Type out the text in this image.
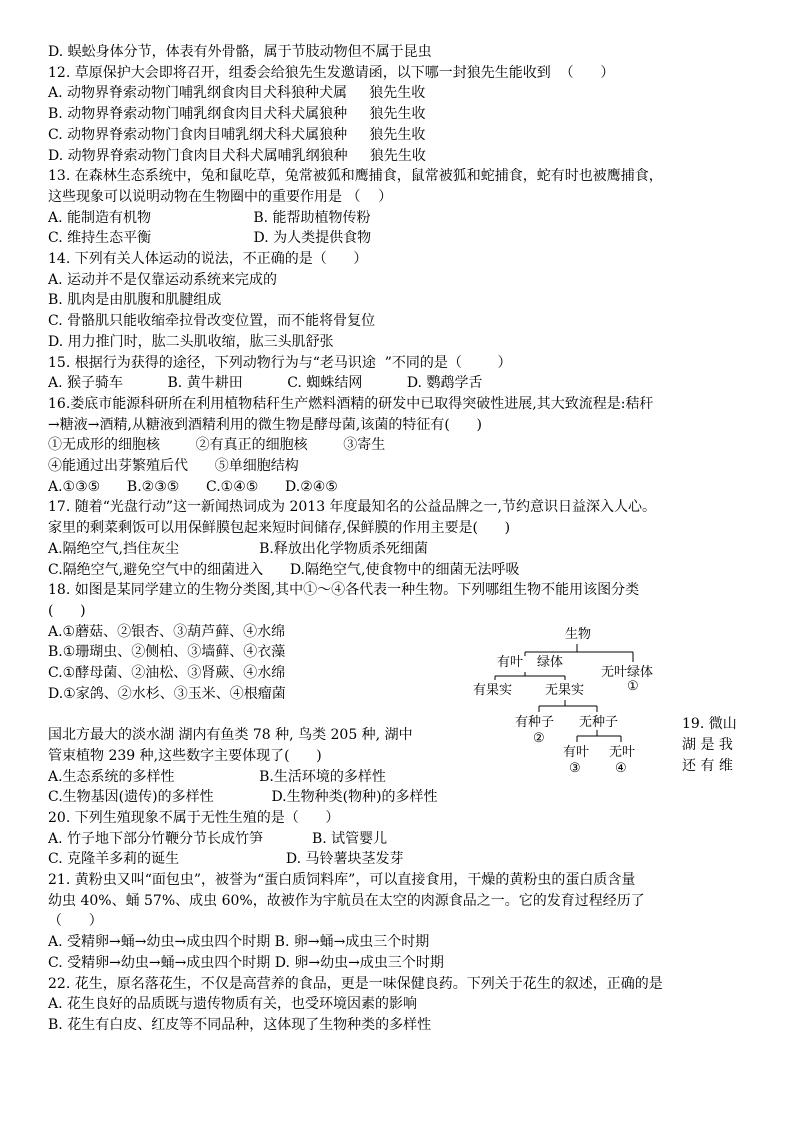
D. 蜈蚣身体分节，体表有外骨骼，属于节肢动物但不属于昆虫
12. 草原保护大会即将召开，组委会给狼先生发邀请函，以下哪一封狼先生能收到  （      ）
A. 动物界脊索动物门哺乳纲食肉目犬科狼种犬属     狼先生收
B. 动物界脊索动物门哺乳纲食肉目犬科犬属狼种     狼先生收
C. 动物界脊索动物门食肉目哺乳纲犬科犬属狼种     狼先生收
D. 动物界脊索动物门食肉目犬科犬属哺乳纲狼种     狼先生收
13. 在森林生态系统中，兔和鼠吃草，兔常被狐和鹰捕食，鼠常被狐和蛇捕食，蛇有时也被鹰捕食，
这些现象可以说明动物在生物圈中的重要作用是 （    ）
A. 能制造有机物                       B. 能帮助植物传粉
C. 维持生态平衡                       D. 为人类提供食物
14. 下列有关人体运动的说法，不正确的是（      ）
A. 运动并不是仅靠运动系统来完成的
B. 肌肉是由肌腹和肌腱组成
C. 骨骼肌只能收缩牵拉骨改变位置，而不能将骨复位
D. 用力推门时，肱二头肌收缩，肱三头肌舒张
15. 根据行为获得的途径，下列动物行为与“老马识途  ”不同的是（        ）
A. 猴子骑车          B. 黄牛耕田          C. 蜘蛛结网          D. 鹦鹉学舌
16.娄底市能源科研所在利用植物秸秆生产燃料酒精的研发中已取得突破性进展,其大致流程是:秸秆
→糖液→酒精,从糖液到酒精利用的微生物是酵母菌,该菌的特征有(      )
①无成形的细胞核        ②有真正的细胞核        ③寄生
④能通过出芽繁殖后代      ⑤单细胞结构
A.①③⑤      B.②③⑤      C.①④⑤      D.②④⑤
17. 随着“光盘行动”这一新闻热词成为 2013 年度最知名的公益品牌之一,节约意识日益深入人心。
家里的剩菜剩饭可以用保鲜膜包起来短时间储存,保鲜膜的作用主要是(      )
A.隔绝空气,挡住灰尘                  B.释放出化学物质杀死细菌
C.隔绝空气,避免空气中的细菌进入      D.隔绝空气,使食物中的细菌无法呼吸
18. 如图是某同学建立的生物分类图,其中①～④各代表一种生物。下列哪组生物不能用该图分类
(      )
A.①蘑菇、②银杏、③葫芦藓、④水绵
B.①珊瑚虫、②侧柏、③墙藓、④衣藻
C.①酵母菌、②油松、③肾蕨、④水绵
D.①家鸽、②水杉、③玉米、④根瘤菌
国北方最大的淡水湖 湖内有鱼类 78 种, 鸟类 205 种, 湖中
管束植物 239 种,这些数字主要体现了(      )
A.生态系统的多样性                   B.生活环境的多样性
C.生物基因(遗传)的多样性             D.生物种类(物种)的多样性
20. 下列生殖现象不属于无性生殖的是（      ）
A. 竹子地下部分竹鞭分节长成竹笋           B. 试管婴儿
C. 克隆羊多莉的诞生                        D. 马铃薯块茎发芽
21. 黄粉虫又叫“面包虫”，被誉为“蛋白质饲料库”，可以直接食用，干燥的黄粉虫的蛋白质含量
幼虫 40%、蛹 57%、成虫 60%，故被作为宇航员在太空的肉源食品之一。它的发育过程经历了
（      ）
A. 受精卵→蛹→幼虫→成虫四个时期 B. 卵→蛹→成虫三个时期
C. 受精卵→幼虫→蛹→成虫四个时期 D. 卵→幼虫→成虫三个时期
22. 花生，原名落花生，不仅是高营养的食品，更是一味保健良药。下列关于花生的叙述，正确的是
A. 花生良好的品质既与遗传物质有关，也受环境因素的影响
B. 花生有白皮、红皮等不同品种，这体现了生物种类的多样性
生物
有叶 绿体
无叶绿体
①
有果实	无果实
有种子 无种子
②
有叶 无叶
③	④
19. 微山
湖 是 我
还 有 维
